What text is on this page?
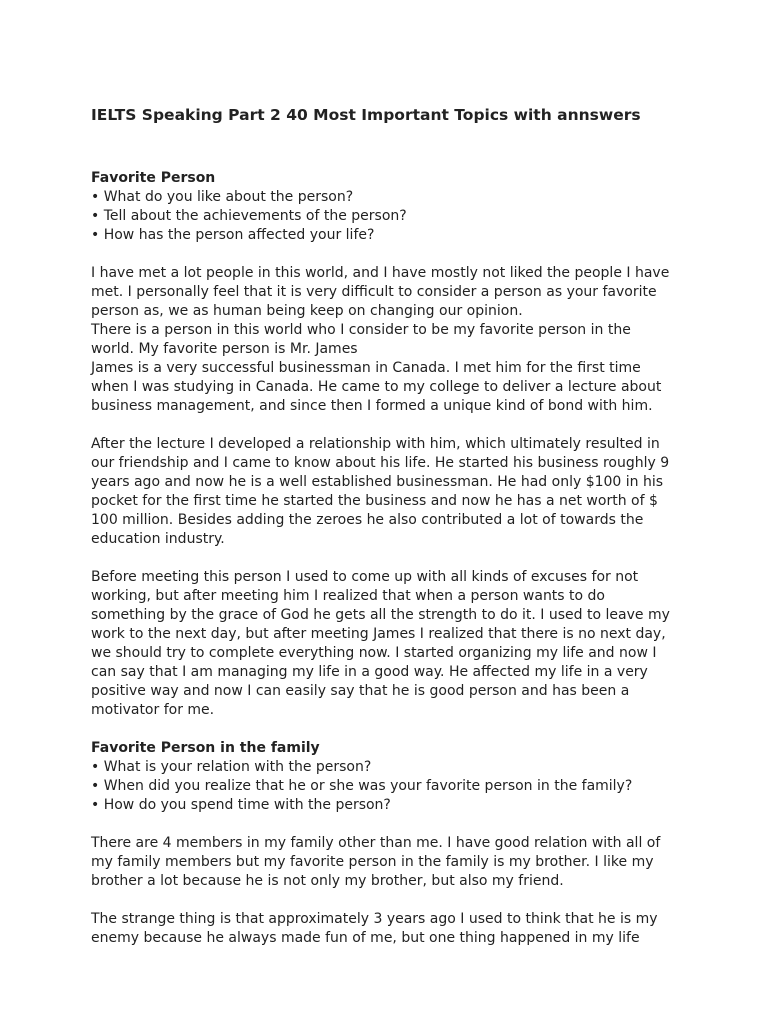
IELTS Speaking Part 2 40 Most Important Topics with annswers
Favorite Person
• What do you like about the person?
• Tell about the achievements of the person?
• How has the person affected your life?

I have met a lot people in this world, and I have mostly not liked the people I have
met. I personally feel that it is very difficult to consider a person as your favorite
person as, we as human being keep on changing our opinion.
There is a person in this world who I consider to be my favorite person in the
world. My favorite person is Mr. James
James is a very successful businessman in Canada. I met him for the first time
when I was studying in Canada. He came to my college to deliver a lecture about
business management, and since then I formed a unique kind of bond with him.

After the lecture I developed a relationship with him, which ultimately resulted in
our friendship and I came to know about his life. He started his business roughly 9
years ago and now he is a well established businessman. He had only $100 in his
pocket for the first time he started the business and now he has a net worth of $
100 million. Besides adding the zeroes he also contributed a lot of towards the
education industry.

Before meeting this person I used to come up with all kinds of excuses for not
working, but after meeting him I realized that when a person wants to do
something by the grace of God he gets all the strength to do it. I used to leave my
work to the next day, but after meeting James I realized that there is no next day,
we should try to complete everything now. I started organizing my life and now I
can say that I am managing my life in a good way. He affected my life in a very
positive way and now I can easily say that he is good person and has been a
motivator for me.

Favorite Person in the family
• What is your relation with the person?
• When did you realize that he or she was your favorite person in the family?
• How do you spend time with the person?

There are 4 members in my family other than me. I have good relation with all of
my family members but my favorite person in the family is my brother. I like my
brother a lot because he is not only my brother, but also my friend.

The strange thing is that approximately 3 years ago I used to think that he is my
enemy because he always made fun of me, but one thing happened in my life
